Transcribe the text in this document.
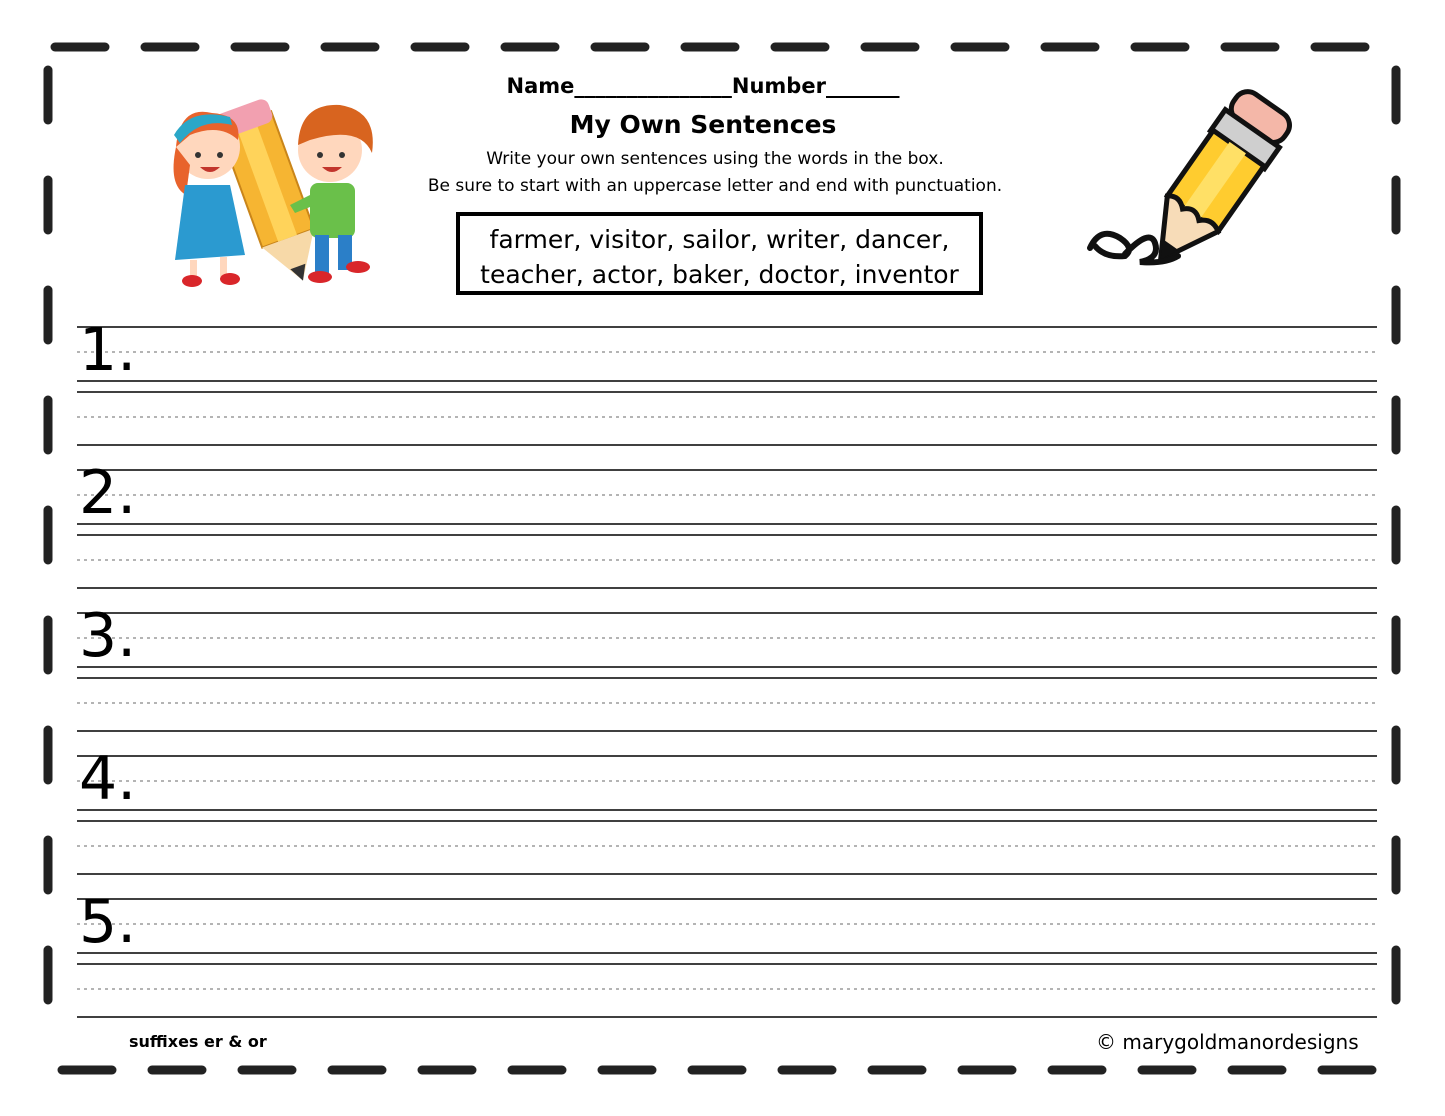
Name_______________Number_______
My Own Sentences
Write your own sentences using the words in the box.
Be sure to start with an uppercase letter and end with punctuation.
farmer, visitor, sailor, writer, dancer,
teacher, actor, baker, doctor, inventor
1.
2.
3.
4.
5.
suffixes er & or	© marygoldmanordesigns
